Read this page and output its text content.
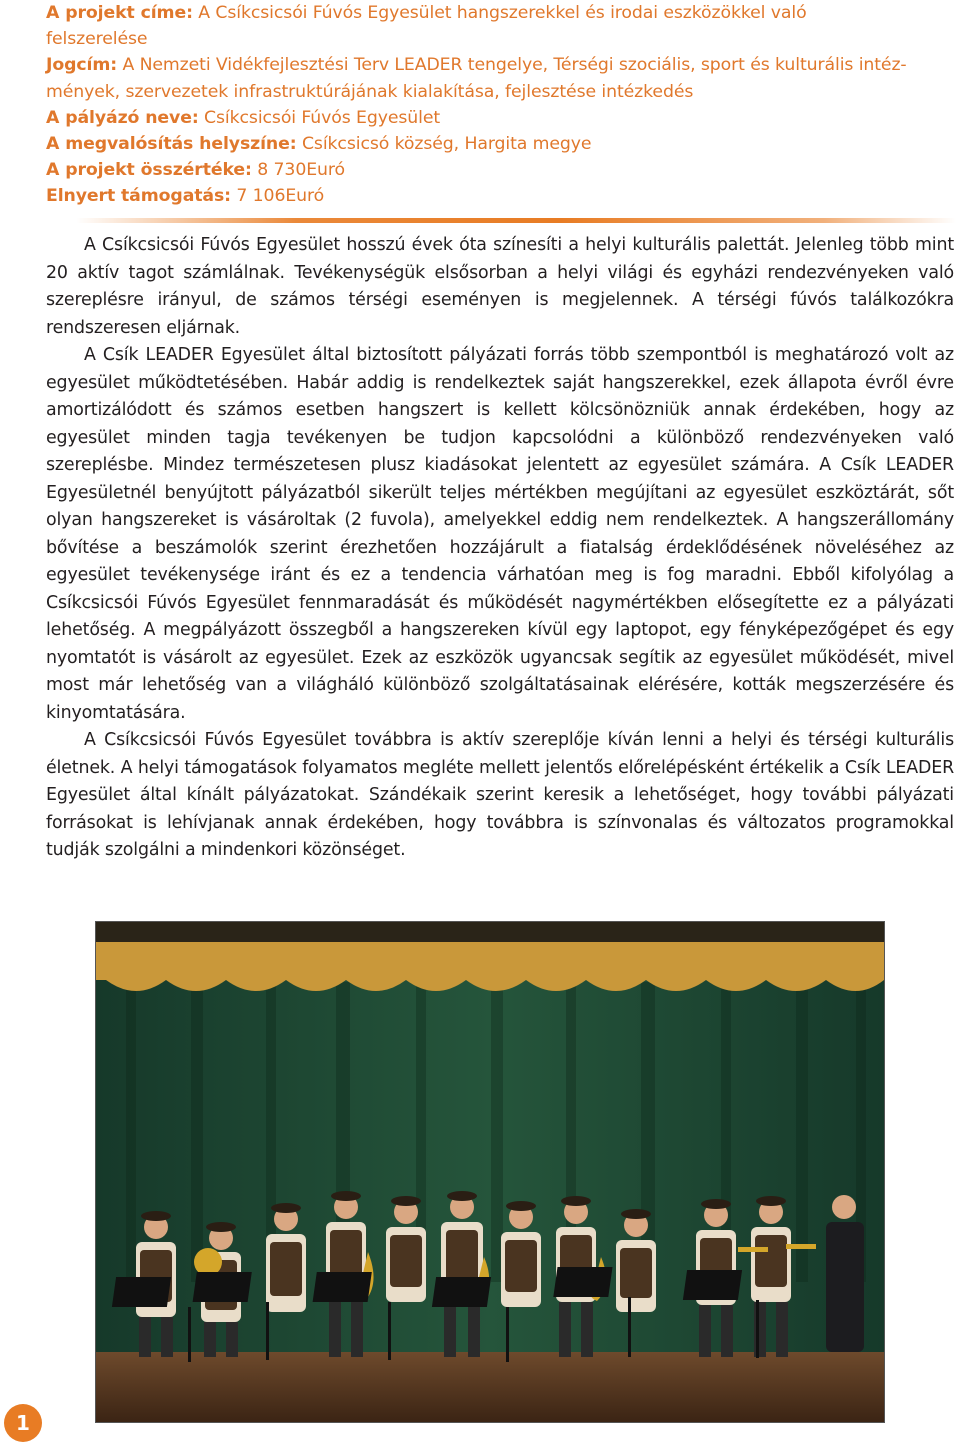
A projekt címe: A Csíkcsicsói Fúvós Egyesület hangszerekkel és irodai eszközökkel való
felszerelése
Jogcím: A Nemzeti Vidékfejlesztési Terv LEADER tengelye, Térségi szociális, sport és kulturális intéz-
mények, szervezetek infrastruktúrájának kialakítása, fejlesztése intézkedés
A pályázó neve: Csíkcsicsói Fúvós Egyesület
A megvalósítás helyszíne: Csíkcsicsó község, Hargita megye
A projekt összértéke: 8 730Euró
Elnyert támogatás: 7 106Euró

A Csíkcsicsói Fúvós Egyesület hosszú évek óta színesíti a helyi kulturális palettát. Jelenleg több mint 20 aktív tagot számlálnak. Tevékenységük elsősorban a helyi világi és egyházi rendezvényeken való szereplésre irányul, de számos térségi eseményen is megjelennek. A térségi fúvós találkozókra rendszeresen eljárnak.

A Csík LEADER Egyesület által biztosított pályázati forrás több szempontból is meghatározó volt az egyesület működtetésében. Habár addig is rendelkeztek saját hangszerekkel, ezek állapota évről évre amortizálódott és számos esetben hangszert is kellett kölcsönözniük annak érdekében, hogy az egyesület minden tagja tevékenyen be tudjon kapcsolódni a különböző rendezvényeken való szereplésbe. Mindez természetesen plusz kiadásokat jelentett az egyesület számára. A Csík LEADER Egyesületnél benyújtott pályázatból sikerült teljes mértékben megújítani az egyesület eszköztárát, sőt olyan hangszereket is vásároltak (2 fuvola), amelyekkel eddig nem rendelkeztek. A hangszerállomány bővítése a beszámolók szerint érezhetően hozzájárult a fiatalság érdeklődésének növeléséhez az egyesület tevékenysége iránt és ez a tendencia várhatóan meg is fog maradni. Ebből kifolyólag a Csíkcsicsói Fúvós Egyesület fennmaradását és működését nagymértékben elősegítette ez a pályázati lehetőség. A megpályázott összegből a hangszereken kívül egy laptopot, egy fényképezőgépet és egy nyomtatót is vásárolt az egyesület. Ezek az eszközök ugyancsak segítik az egyesület működését, mivel most már lehetőség van a világháló különböző szolgáltatásainak elérésére, kották megszerzésére és kinyomtatására.

A Csíkcsicsói Fúvós Egyesület továbbra is aktív szereplője kíván lenni a helyi és térségi kulturális életnek. A helyi támogatások folyamatos megléte mellett jelentős előrelépésként értékelik a Csík LEADER Egyesület által kínált pályázatokat. Szándékaik szerint keresik a lehetőséget, hogy további pályázati forrásokat is lehívjanak annak érdekében, hogy továbbra is színvonalas és változatos programokkal tudják szolgálni a mindenkori közönséget.

1
